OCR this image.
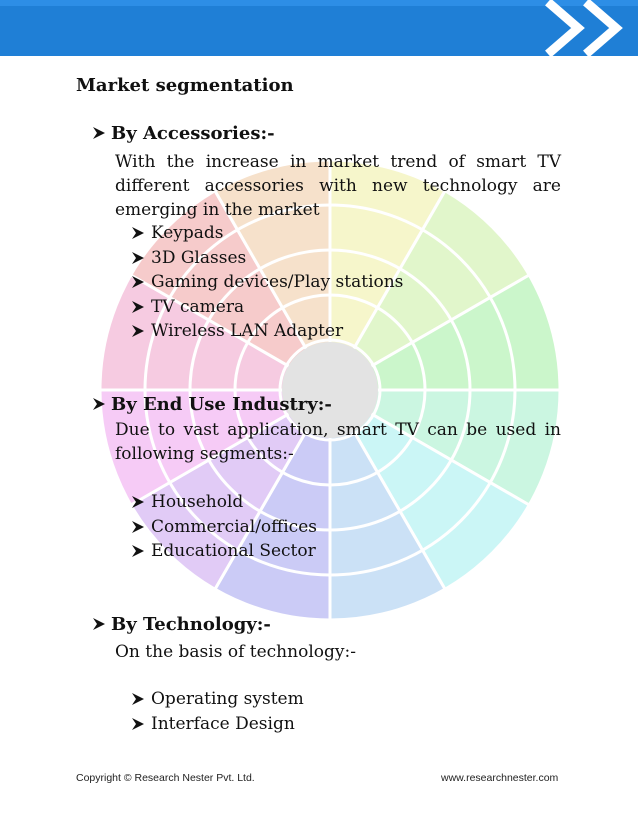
Market segmentation
By Accessories:-
With the increase in market trend of smart TV
different accessories with new technology are
emerging in the market
Keypads
3D Glasses
Gaming devices/Play stations
TV camera
Wireless LAN Adapter
By End Use Industry:-
Due to vast application, smart TV can be used in
following segments:-
Household
Commercial/offices
Educational Sector
By Technology:-
On the basis of technology:-
Operating system
Interface Design
Copyright © Research Nester Pvt. Ltd.	www.researchnester.com
